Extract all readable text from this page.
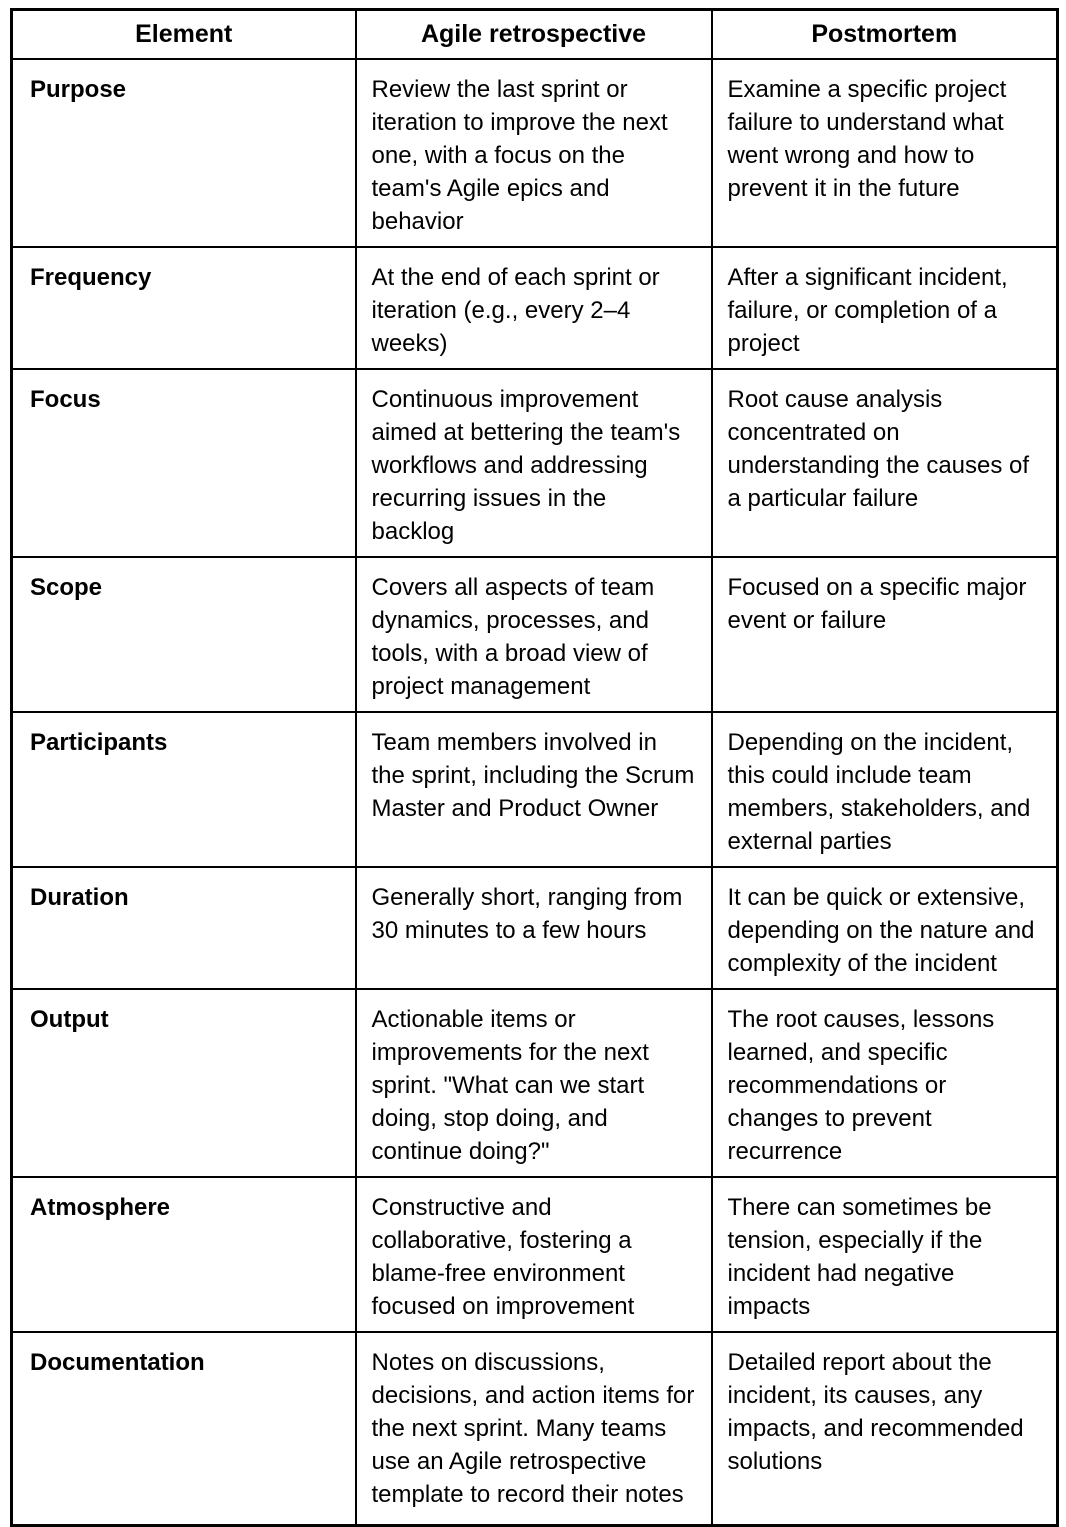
Element	Agile retrospective	Postmortem
Purpose	Review the last sprint or iteration to improve the next one, with a focus on the team's Agile epics and behavior	Examine a specific project failure to understand what went wrong and how to prevent it in the future
Frequency	At the end of each sprint or iteration (e.g., every 2–4 weeks)	After a significant incident, failure, or completion of a project
Focus	Continuous improvement aimed at bettering the team's workflows and addressing recurring issues in the backlog	Root cause analysis concentrated on understanding the causes of a particular failure
Scope	Covers all aspects of team dynamics, processes, and tools, with a broad view of project management	Focused on a specific major event or failure
Participants	Team members involved in the sprint, including the Scrum Master and Product Owner	Depending on the incident, this could include team members, stakeholders, and external parties
Duration	Generally short, ranging from 30 minutes to a few hours	It can be quick or extensive, depending on the nature and complexity of the incident
Output	Actionable items or improvements for the next sprint. "What can we start doing, stop doing, and continue doing?"	The root causes, lessons learned, and specific recommendations or changes to prevent recurrence
Atmosphere	Constructive and collaborative, fostering a blame-free environment focused on improvement	There can sometimes be tension, especially if the incident had negative impacts
Documentation	Notes on discussions, decisions, and action items for the next sprint. Many teams use an Agile retrospective template to record their notes	Detailed report about the incident, its causes, any impacts, and recommended solutions
